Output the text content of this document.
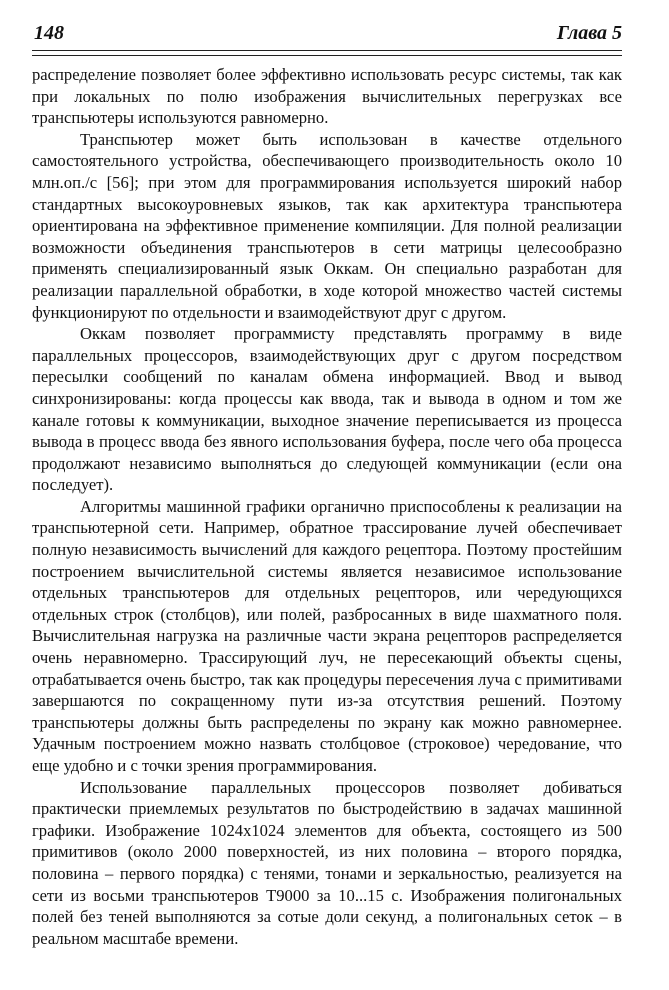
148	Глава 5

распределение позволяет более эффективно использовать ресурс системы, так как при локальных по полю изображения вычислительных перегрузках все транспьютеры используются равномерно.

Транспьютер может быть использован в качестве отдельного самостоятельного устройства, обеспечивающего производительность около 10 млн.оп./с [56]; при этом для программирования используется широкий набор стандартных высокоуровневых языков, так как архитектура транспьютера ориентирована на эффективное применение компиляции. Для полной реализации возможности объединения транспьютеров в сети матрицы целесообразно применять специализированный язык Оккам. Он специально разработан для реализации параллельной обработки, в ходе которой множество частей системы функционируют по отдельности и взаимодействуют друг с другом.

Оккам позволяет программисту представлять программу в виде параллельных процессоров, взаимодействующих друг с другом посредством пересылки сообщений по каналам обмена информацией. Ввод и вывод синхронизированы: когда процессы как ввода, так и вывода в одном и том же канале готовы к коммуникации, выходное значение переписывается из процесса вывода в процесс ввода без явного использования буфера, после чего оба процесса продолжают независимо выполняться до следующей коммуникации (если она последует).

Алгоритмы машинной графики органично приспособлены к реализации на транспьютерной сети. Например, обратное трассирование лучей обеспечивает полную независимость вычислений для каждого рецептора. Поэтому простейшим построением вычислительной системы является независимое использование отдельных транспьютеров для отдельных рецепторов, или чередующихся отдельных строк (столбцов), или полей, разбросанных в виде шахматного поля. Вычислительная нагрузка на различные части экрана рецепторов распределяется очень неравномерно. Трассирующий луч, не пересекающий объекты сцены, отрабатывается очень быстро, так как процедуры пересечения луча с примитивами завершаются по сокращенному пути из-за отсутствия решений. Поэтому транспьютеры должны быть распределены по экрану как можно равномернее. Удачным построением можно назвать столбцовое (строковое) чередование, что еще удобно и с точки зрения программирования.

Использование параллельных процессоров позволяет добиваться практически приемлемых результатов по быстродействию в задачах машинной графики. Изображение 1024x1024 элементов для объекта, состоящего из 500 примитивов (около 2000 поверхностей, из них половина – второго порядка, половина – первого порядка) с тенями, тонами и зеркальностью, реализуется на сети из восьми транспьютеров Т9000 за 10...15 с. Изображения полигональных полей без теней выполняются за сотые доли секунд, а полигональных сеток – в реальном масштабе времени.
